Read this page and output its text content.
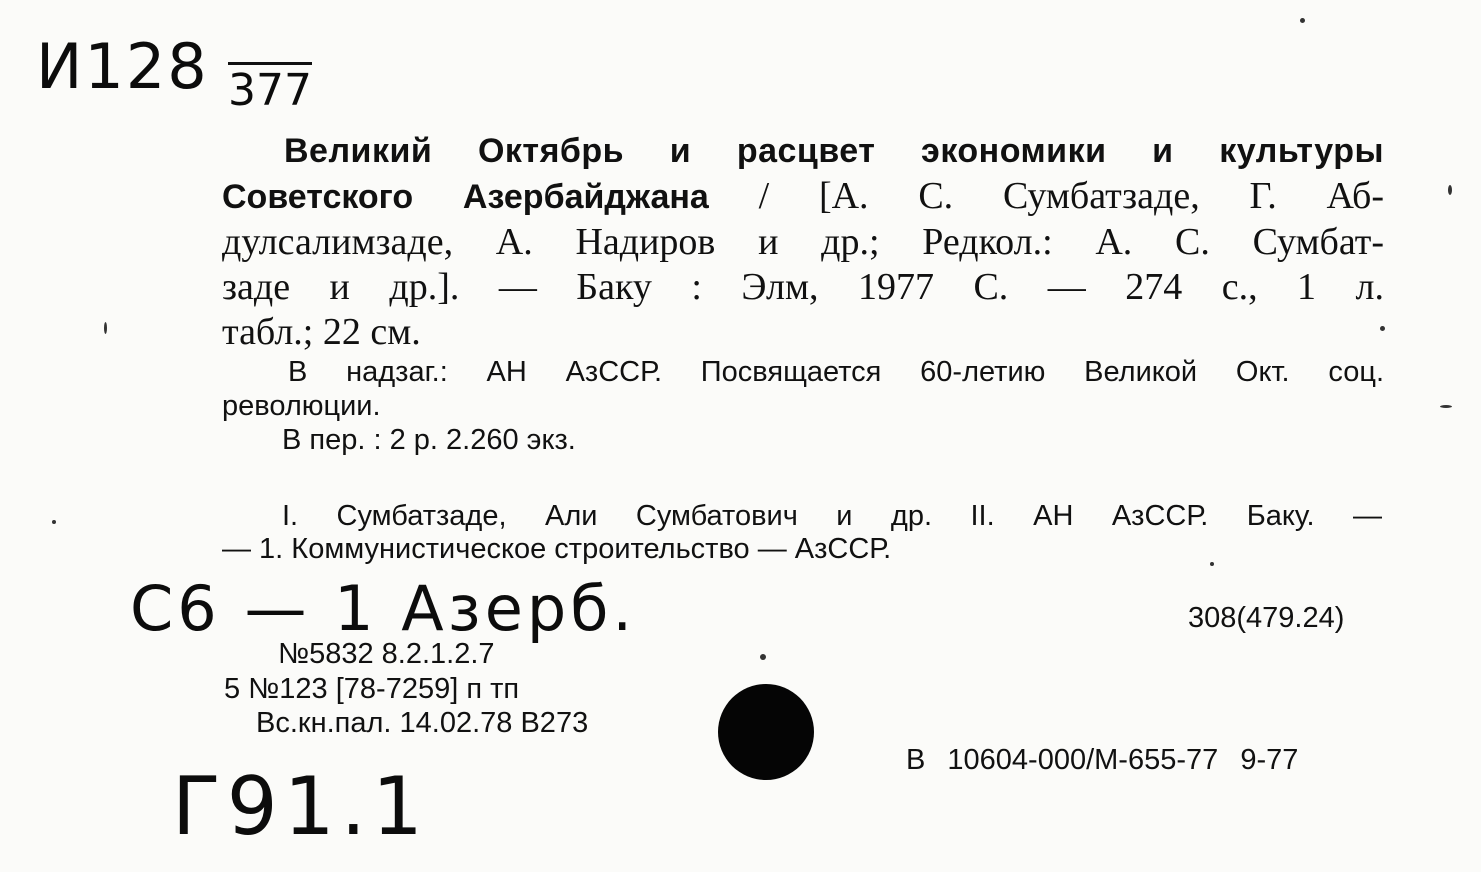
И128 377
Великий Октябрь и расцвет экономики и культуры
Советского Азербайджана / [А. С. Сумбатзаде, Г. Аб-
дулсалимзаде, А. Надиров и др.; Редкол.: А. С. Сумбат-
заде и др.]. — Баку : Элм, 1977 С. — 274 с., 1 л.
табл.; 22 см.
В надзаг.: АН АзССР. Посвящается 60-летию Великой Окт. соц.
революции.
В пер. : 2 р. 2.260 экз.
I. Сумбатзаде, Али Сумбатович и др. II. АН АзССР. Баку. —
— 1. Коммунистическое строительство — АзССР.
С6 — 1 Азерб.	308(479.24)
№5832 8.2.1.2.7
5 №123 [78-7259] п тп
Вс.кн.пал. 14.02.78 В273
В 10604-000/М-655-77 9-77
Г91.1
